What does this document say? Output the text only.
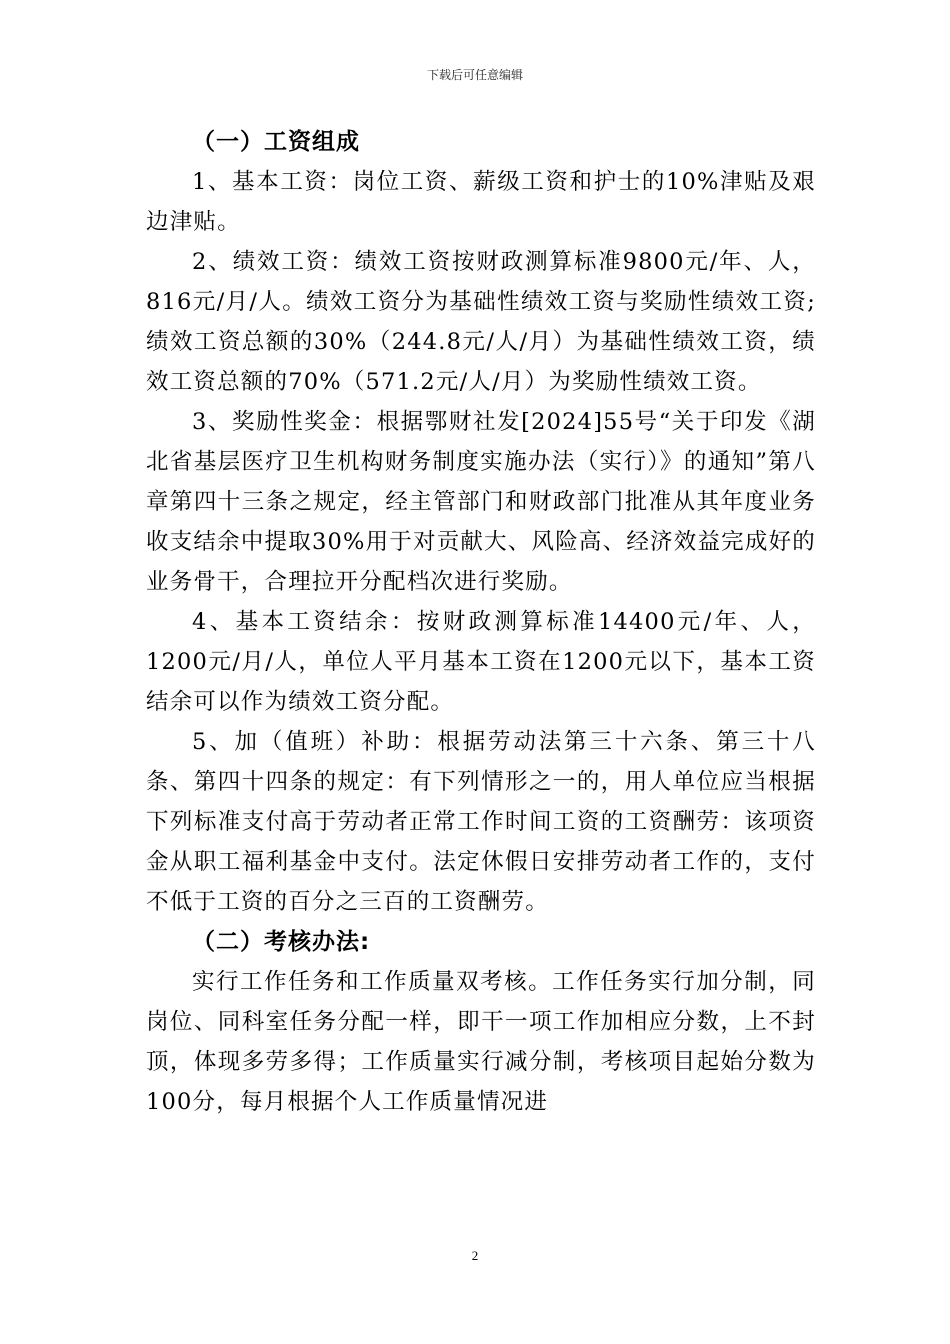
下载后可任意编辑
（一）工资组成

1、基本工资：岗位工资、薪级工资和护士的10%津贴及艰边津贴。

2、绩效工资：绩效工资按财政测算标准9800元/年、人，816元/月/人。绩效工资分为基础性绩效工资与奖励性绩效工资;绩效工资总额的30%（244.8元/人/月）为基础性绩效工资，绩效工资总额的70%（571.2元/人/月）为奖励性绩效工资。

3、奖励性奖金：根据鄂财社发[2024]55号“关于印发《湖北省基层医疗卫生机构财务制度实施办法（实行）》的通知”第八章第四十三条之规定，经主管部门和财政部门批准从其年度业务收支结余中提取30%用于对贡献大、风险高、经济效益完成好的业务骨干，合理拉开分配档次进行奖励。

4、基本工资结余：按财政测算标准14400元/年、人，1200元/月/人，单位人平月基本工资在1200元以下，基本工资结余可以作为绩效工资分配。

5、加（值班）补助：根据劳动法第三十六条、第三十八条、第四十四条的规定：有下列情形之一的，用人单位应当根据下列标准支付高于劳动者正常工作时间工资的工资酬劳：该项资金从职工福利基金中支付。法定休假日安排劳动者工作的，支付不低于工资的百分之三百的工资酬劳。

（二）考核办法:

实行工作任务和工作质量双考核。工作任务实行加分制，同岗位、同科室任务分配一样，即干一项工作加相应分数，上不封顶，体现多劳多得；工作质量实行减分制，考核项目起始分数为100分，每月根据个人工作质量情况进

2
